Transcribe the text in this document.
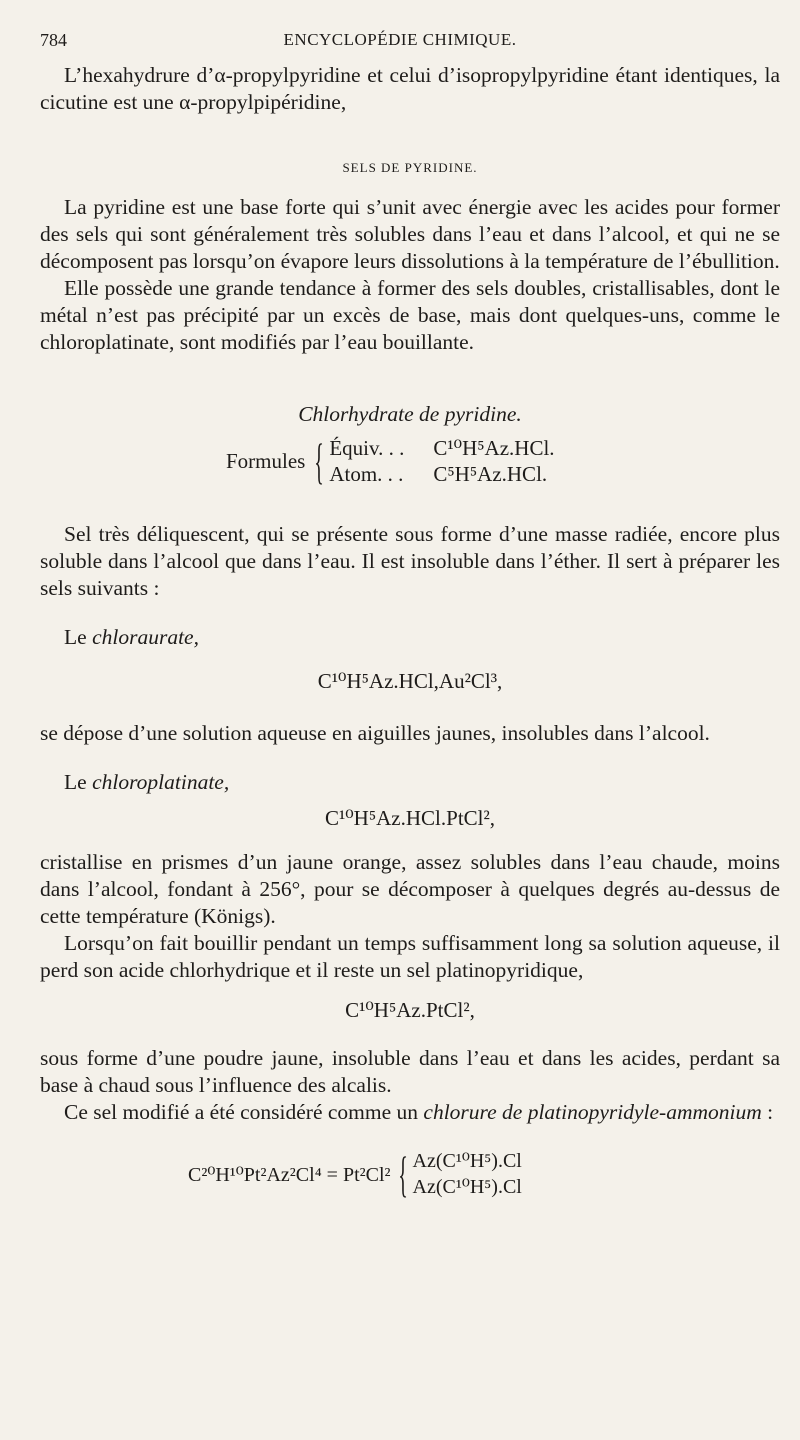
784	ENCYCLOPÉDIE CHIMIQUE.

L’hexahydrure d’α-propylpyridine et celui d’isopropylpyridine étant identiques, la cicutine est une α-propylpipéridine,

SELS DE PYRIDINE.

La pyridine est une base forte qui s’unit avec énergie avec les acides pour former des sels qui sont généralement très solubles dans l’eau et dans l’alcool, et qui ne se décomposent pas lorsqu’on évapore leurs dissolutions à la température de l’ébullition.

Elle possède une grande tendance à former des sels doubles, cristallisables, dont le métal n’est pas précipité par un excès de base, mais dont quelques-uns, comme le chloroplatinate, sont modifiés par l’eau bouillante.

Chlorhydrate de pyridine.
Formules { Équiv. . .	C¹⁰H⁵Az.HCl.
Atom. . .	C⁵H⁵Az.HCl.

Sel très déliquescent, qui se présente sous forme d’une masse radiée, encore plus soluble dans l’alcool que dans l’eau. Il est insoluble dans l’éther. Il sert à préparer les sels suivants :

Le chloraurate,

C¹⁰H⁵Az.HCl,Au²Cl³,

se dépose d’une solution aqueuse en aiguilles jaunes, insolubles dans l’alcool.

Le chloroplatinate,

C¹⁰H⁵Az.HCl.PtCl²,

cristallise en prismes d’un jaune orange, assez solubles dans l’eau chaude, moins dans l’alcool, fondant à 256°, pour se décomposer à quelques degrés au-dessus de cette température (Königs).

Lorsqu’on fait bouillir pendant un temps suffisamment long sa solution aqueuse, il perd son acide chlorhydrique et il reste un sel platinopyridique,

C¹⁰H⁵Az.PtCl²,

sous forme d’une poudre jaune, insoluble dans l’eau et dans les acides, perdant sa base à chaud sous l’influence des alcalis.

Ce sel modifié a été considéré comme un chlorure de platinopyridyle-ammonium :

C²⁰H¹⁰Pt²Az²Cl⁴ = Pt²Cl² { Az(C¹⁰H⁵).Cl
Az(C¹⁰H⁵).Cl
